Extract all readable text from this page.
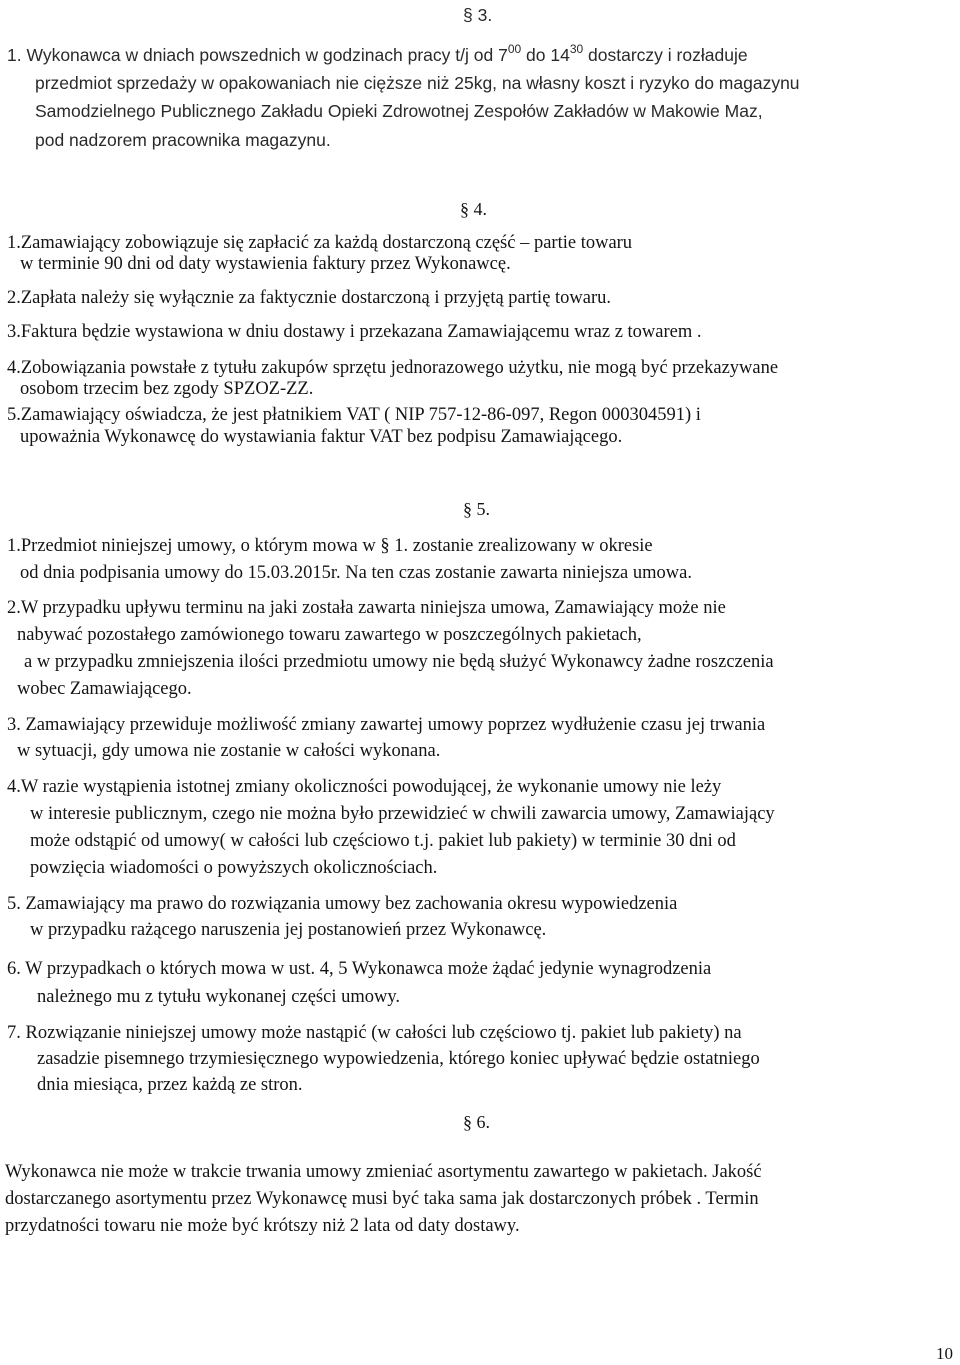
§ 3.
1. Wykonawca w dniach powszednich w godzinach pracy t/j od $7^{00}$ do $14^{30}$ dostarczy i rozładuje
przedmiot sprzedaży w opakowaniach nie cięższe niż 25kg, na własny koszt i ryzyko do magazynu
Samodzielnego Publicznego Zakładu Opieki Zdrowotnej Zespołów Zakładów w Makowie Maz,
pod nadzorem pracownika magazynu.
§ 4.
1.Zamawiający zobowiązuje się zapłacić za każdą dostarczoną część – partie towaru
w terminie 90 dni od daty wystawienia faktury przez Wykonawcę.
2.Zapłata należy się wyłącznie za faktycznie dostarczoną i przyjętą partię towaru.
3.Faktura będzie wystawiona w dniu dostawy i przekazana Zamawiającemu wraz z towarem .
4.Zobowiązania powstałe z tytułu zakupów sprzętu jednorazowego użytku, nie mogą być przekazywane
osobom trzecim bez zgody SPZOZ-ZZ.
5.Zamawiający oświadcza, że jest płatnikiem VAT ( NIP 757-12-86-097, Regon 000304591) i
upoważnia Wykonawcę do wystawiania faktur VAT bez podpisu Zamawiającego.
§ 5.
1.Przedmiot niniejszej umowy, o którym mowa w § 1. zostanie zrealizowany w okresie
od dnia podpisania umowy do 15.03.2015r. Na ten czas zostanie zawarta niniejsza umowa.
2.W przypadku upływu terminu na jaki została zawarta niniejsza umowa, Zamawiający może nie
nabywać pozostałego zamówionego towaru zawartego w poszczególnych pakietach,
a w przypadku zmniejszenia ilości przedmiotu umowy nie będą służyć Wykonawcy żadne roszczenia
wobec Zamawiającego.
3. Zamawiający przewiduje możliwość zmiany zawartej umowy poprzez wydłużenie czasu jej trwania
w sytuacji, gdy umowa nie zostanie w całości wykonana.
4.W razie wystąpienia istotnej zmiany okoliczności powodującej, że wykonanie umowy nie leży
w interesie publicznym, czego nie można było przewidzieć w chwili zawarcia umowy, Zamawiający
może odstąpić od umowy( w całości lub częściowo t.j. pakiet lub pakiety) w terminie 30 dni od
powzięcia wiadomości o powyższych okolicznościach.
5. Zamawiający ma prawo do rozwiązania umowy bez zachowania okresu wypowiedzenia
w przypadku rażącego naruszenia jej postanowień przez Wykonawcę.
6. W przypadkach o których mowa w ust. 4, 5 Wykonawca może żądać jedynie wynagrodzenia
należnego mu z tytułu wykonanej części umowy.
7. Rozwiązanie niniejszej umowy może nastąpić (w całości lub częściowo tj. pakiet lub pakiety) na
zasadzie pisemnego trzymiesięcznego wypowiedzenia, którego koniec upływać będzie ostatniego
dnia miesiąca, przez każdą ze stron.
§ 6.
Wykonawca nie może w trakcie trwania umowy zmieniać asortymentu zawartego w pakietach. Jakość
dostarczanego asortymentu przez Wykonawcę musi być taka sama jak dostarczonych próbek . Termin
przydatności towaru nie może być krótszy niż 2 lata od daty dostawy.
10
